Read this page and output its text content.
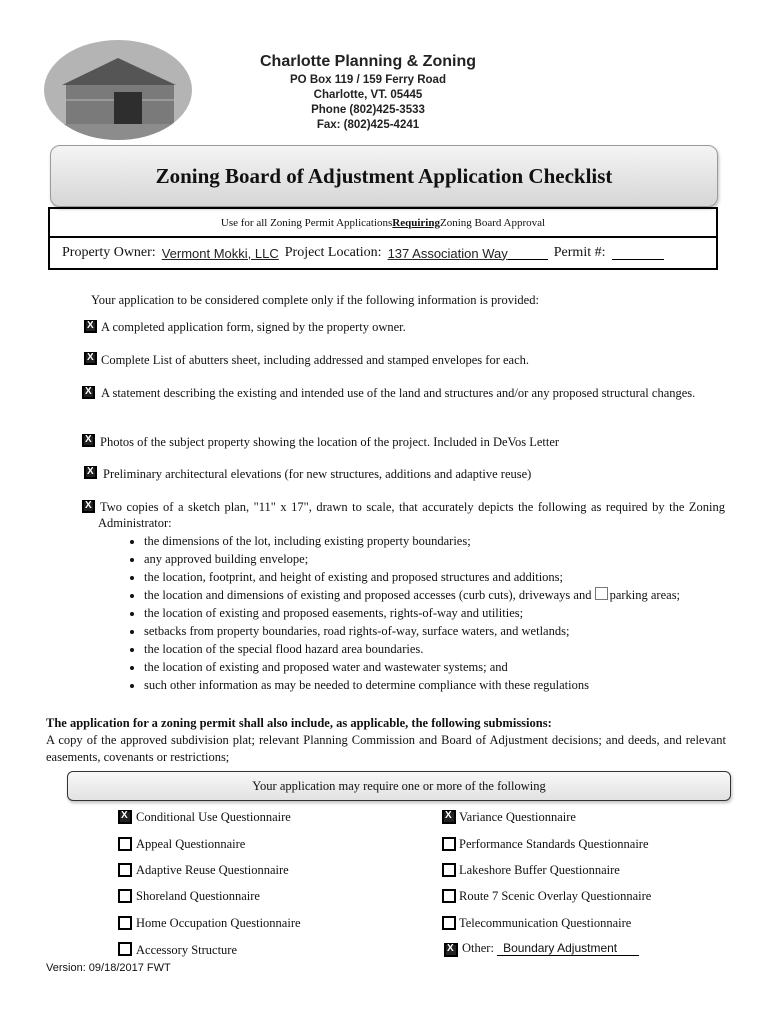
Charlotte Planning & Zoning
PO Box 119 / 159 Ferry Road
Charlotte, VT. 05445
Phone (802)425-3533
Fax: (802)425-4241
Zoning Board of Adjustment Application Checklist
Use for all Zoning Permit Applications Requiring Zoning Board Approval
Property Owner: Vermont Mokki, LLC Project Location: 137 Association Way	Permit #:
Your application to be considered complete only if the following information is provided:
X
A completed application form, signed by the property owner.
X
Complete List of abutters sheet, including addressed and stamped envelopes for each.
X
A statement describing the existing and intended use of the land and structures and/or any proposed structural changes.
X
Photos of the subject property showing the location of the project. Included in DeVos Letter
X
Preliminary architectural elevations (for new structures, additions and adaptive reuse)
X
Two copies of a sketch plan, "11" x 17", drawn to scale, that accurately depicts the following as required by the Zoning Administrator:
• the dimensions of the lot, including existing property boundaries;
• any approved building envelope;
• the location, footprint, and height of existing and proposed structures and additions;
• the location and dimensions of existing and proposed accesses (curb cuts), driveways and parking areas;
• the location of existing and proposed easements, rights-of-way and utilities;
• setbacks from property boundaries, road rights-of-way, surface waters, and wetlands;
• the location of the special flood hazard area boundaries.
• the location of existing and proposed water and wastewater systems; and
• such other information as may be needed to determine compliance with these regulations
The application for a zoning permit shall also include, as applicable, the following submissions:
A copy of the approved subdivision plat; relevant Planning Commission and Board of Adjustment decisions; and deeds, and relevant easements, covenants or restrictions;
Your application may require one or more of the following
X
Conditional Use Questionnaire
Appeal Questionnaire
Adaptive Reuse Questionnaire
Shoreland Questionnaire
Home Occupation Questionnaire
Accessory Structure
X
Variance Questionnaire
Performance Standards Questionnaire
Lakeshore Buffer Questionnaire
Route 7 Scenic Overlay Questionnaire
Telecommunication Questionnaire
X
Other: Boundary Adjustment
Version: 09/18/2017 FWT
